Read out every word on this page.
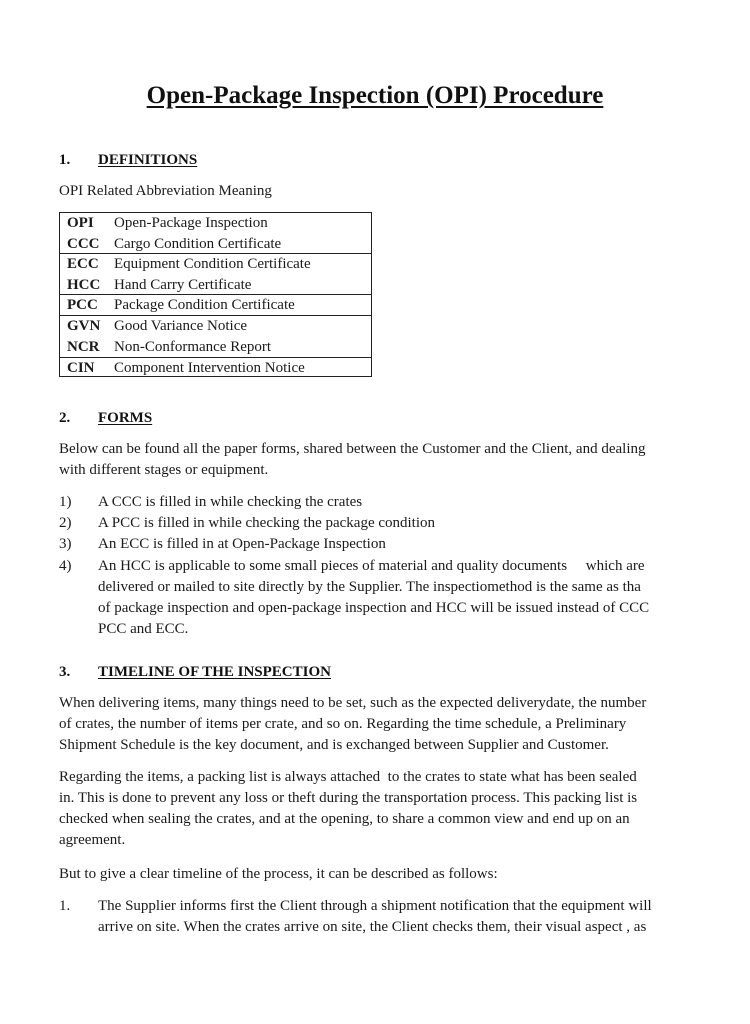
Open-Package Inspection (OPI) Procedure
1. DEFINITIONS
OPI Related Abbreviation Meaning
OPI Open-Package Inspection
CCC Cargo Condition Certificate
ECC Equipment Condition Certificate
HCC Hand Carry Certificate
PCC Package Condition Certificate
GVN Good Variance Notice
NCR Non-Conformance Report
CIN Component Intervention Notice
2. FORMS
Below can be found all the paper forms, shared between the Customer and the Client, and dealing
with different stages or equipment.
1) A CCC is filled in while checking the crates

2) A PCC is filled in while checking the package condition

3) An ECC is filled in at Open-Package Inspection

4) An HCC is applicable to some small pieces of material and quality documents     which are
delivered or mailed to site directly by the Supplier. The inspectiomethod is the same as tha
of package inspection and open-package inspection and HCC will be issued instead of CCC
PCC and ECC.
3. TIMELINE OF THE INSPECTION
When delivering items, many things need to be set, such as the expected deliverydate, the number
of crates, the number of items per crate, and so on. Regarding the time schedule, a Preliminary
Shipment Schedule is the key document, and is exchanged between Supplier and Customer.
Regarding the items, a packing list is always attached  to the crates to state what has been sealed
in. This is done to prevent any loss or theft during the transportation process. This packing list is
checked when sealing the crates, and at the opening, to share a common view and end up on an
agreement.
But to give a clear timeline of the process, it can be described as follows:
1. The Supplier informs first the Client through a shipment notification that the equipment will
arrive on site. When the crates arrive on site, the Client checks them, their visual aspect , as
